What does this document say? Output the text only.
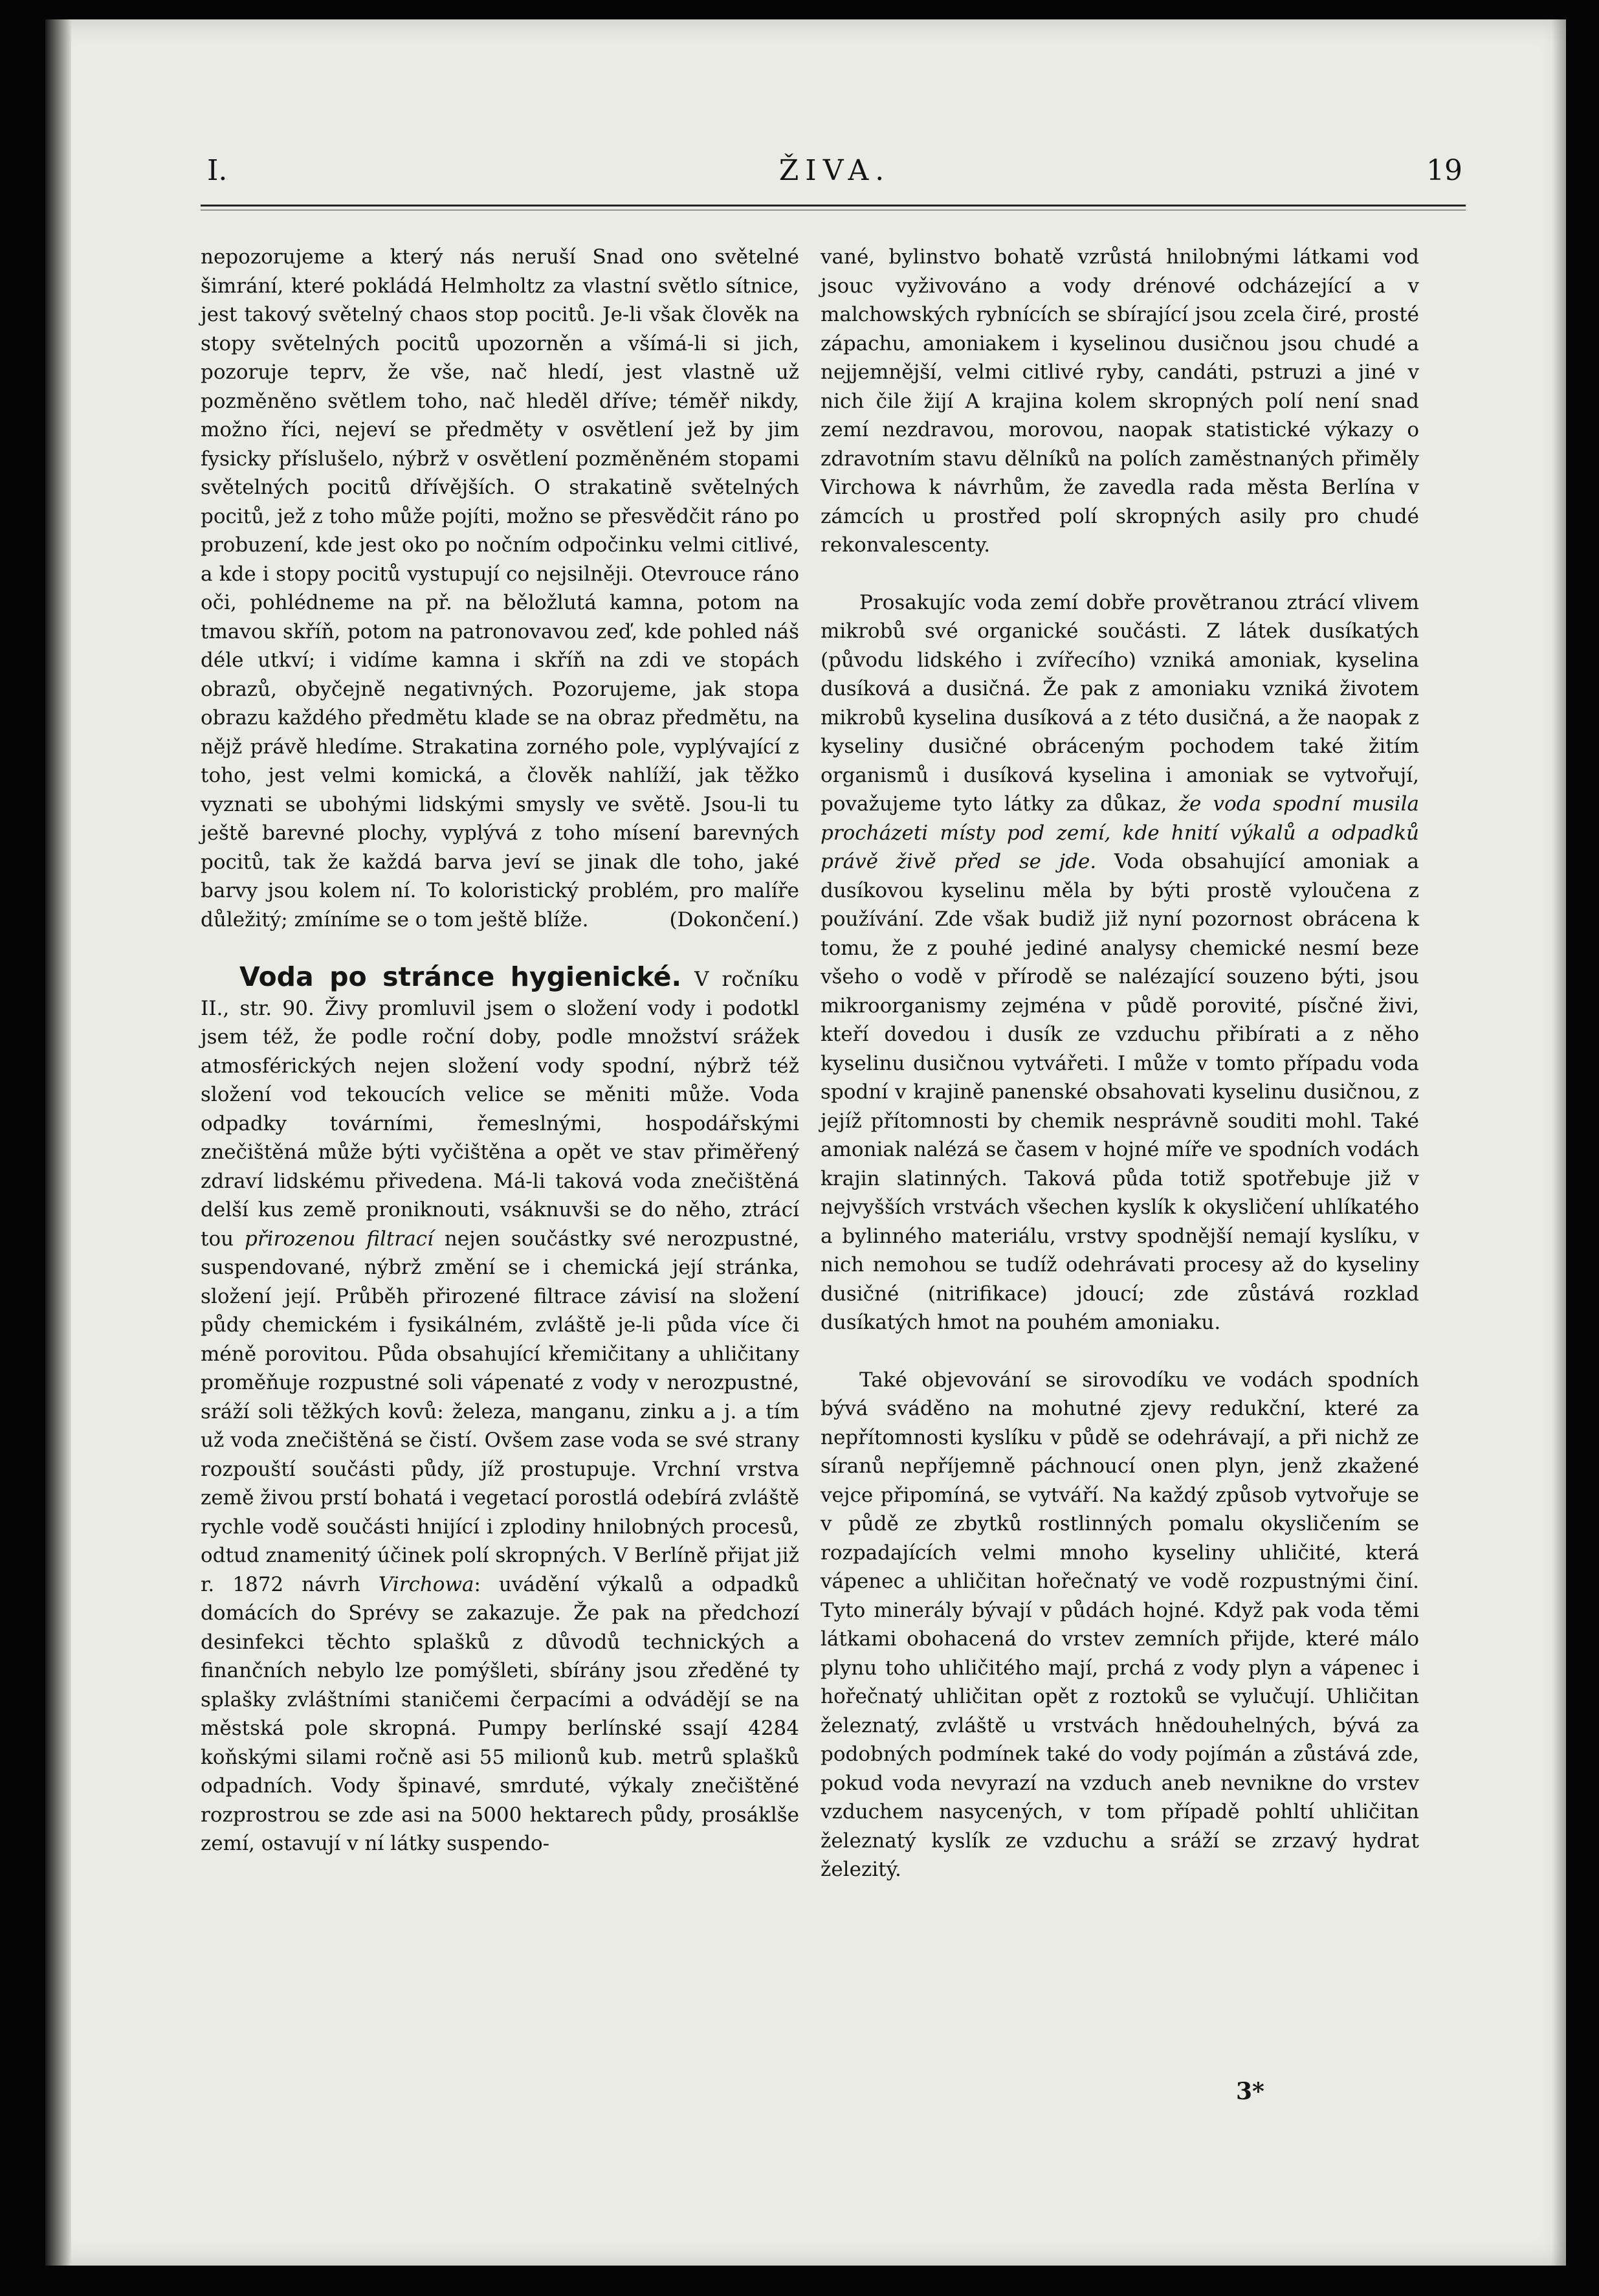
I.	ŽIVA.	19

nepozorujeme a který nás neruší Snad ono světelné šimrání, které pokládá Helmholtz za vlastní světlo sítnice, jest takový světelný chaos stop pocitů. Je-li však člověk na stopy světelných pocitů upozorněn a všímá-li si jich, pozoruje teprv, že vše, nač hledí, jest vlastně už pozměněno světlem toho, nač hleděl dříve; téměř nikdy, možno říci, nejeví se předměty v osvětlení jež by jim fysicky příslušelo, nýbrž v osvětlení pozměněném stopami světelných pocitů dřívějších. O strakatině světelných pocitů, jež z toho může pojíti, možno se přesvědčit ráno po probuzení, kde jest oko po nočním odpočinku velmi citlivé, a kde i stopy pocitů vystupují co nejsilněji. Otevrouce ráno oči, pohlédneme na př. na běložlutá kamna, potom na tmavou skříň, potom na patronovavou zeď, kde pohled náš déle utkví; i vidíme kamna i skříň na zdi ve stopách obrazů, obyčejně negativných. Pozorujeme, jak stopa obrazu každého předmětu klade se na obraz předmětu, na nějž právě hledíme. Strakatina zorného pole, vyplývající z toho, jest velmi komická, a člověk nahlíží, jak těžko vyznati se ubohými lidskými smysly ve světě. Jsou-li tu ještě barevné plochy, vyplývá z toho mísení barevných pocitů, tak že každá barva jeví se jinak dle toho, jaké barvy jsou kolem ní. To koloristický problém, pro malíře důležitý; zmíníme se o tom ještě blíže.	(Dokončení.)

Voda po stránce hygienické. V ročníku II., str. 90. Živy promluvil jsem o složení vody i podotkl jsem též, že podle roční doby, podle množství srážek atmosférických nejen složení vody spodní, nýbrž též složení vod tekoucích velice se měniti může. Voda odpadky továrními, řemeslnými, hospodářskými znečištěná může býti vyčištěna a opět ve stav přiměřený zdraví lidskému přivedena. Má-li taková voda znečištěná delší kus země proniknouti, vsáknuvši se do něho, ztrácí tou přirozenou filtrací nejen součástky své nerozpustné, suspendované, nýbrž změní se i chemická její stránka, složení její. Průběh přirozené filtrace závisí na složení půdy chemickém i fysikálném, zvláště je-li půda více či méně porovitou. Půda obsahující křemičitany a uhličitany proměňuje rozpustné soli vápenaté z vody v nerozpustné, sráží soli těžkých kovů: železa, manganu, zinku a j. a tím už voda znečištěná se čistí. Ovšem zase voda se své strany rozpouští součásti půdy, jíž prostupuje. Vrchní vrstva země živou prstí bohatá i vegetací porostlá odebírá zvláště rychle vodě součásti hnijící i zplodiny hnilobných procesů, odtud znamenitý účinek polí skropných. V Berlíně přijat již r. 1872 návrh Virchowa: uvádění výkalů a odpadků domácích do Sprévy se zakazuje. Že pak na předchozí desinfekci těchto splašků z důvodů technických a finančních nebylo lze pomýšleti, sbírány jsou zředěné ty splašky zvláštními staničemi čerpacími a odvádějí se na městská pole skropná. Pumpy berlínské ssají 4284 koňskými silami ročně asi 55 milionů kub. metrů splašků odpadních. Vody špinavé, smrduté, výkaly znečištěné rozprostrou se zde asi na 5000 hektarech půdy, prosáklše zemí, ostavují v ní látky suspendo-

vané, bylinstvo bohatě vzrůstá hnilobnými látkami vod jsouc vyživováno a vody drénové odcházející a v malchowských rybnících se sbírající jsou zcela čiré, prosté zápachu, amoniakem i kyselinou dusičnou jsou chudé a nejjemnější, velmi citlivé ryby, candáti, pstruzi a jiné v nich čile žijí A krajina kolem skropných polí není snad zemí nezdravou, morovou, naopak statistické výkazy o zdravotním stavu dělníků na polích zaměstnaných přiměly Virchowa k návrhům, že zavedla rada města Berlína v zámcích u prostřed polí skropných asily pro chudé rekonvalescenty.

Prosakujíc voda zemí dobře provětranou ztrácí vlivem mikrobů své organické součásti. Z látek dusíkatých (původu lidského i zvířecího) vzniká amoniak, kyselina dusíková a dusičná. Že pak z amoniaku vzniká životem mikrobů kyselina dusíková a z této dusičná, a že naopak z kyseliny dusičné obráceným pochodem také žitím organismů i dusíková kyselina i amoniak se vytvořují, považujeme tyto látky za důkaz, že voda spodní musila procházeti místy pod zemí, kde hnití výkalů a odpadků právě živě před se jde. Voda obsahující amoniak a dusíkovou kyselinu měla by býti prostě vyloučena z používání. Zde však budiž již nyní pozornost obrácena k tomu, že z pouhé jediné analysy chemické nesmí beze všeho o vodě v přírodě se nalézající souzeno býti, jsou mikroorganismy zejména v půdě porovité, písčné živi, kteří dovedou i dusík ze vzduchu přibírati a z něho kyselinu dusičnou vytvářeti. I může v tomto případu voda spodní v krajině panenské obsahovati kyselinu dusičnou, z jejíž přítomnosti by chemik nesprávně souditi mohl. Také amoniak nalézá se časem v hojné míře ve spodních vodách krajin slatinných. Taková půda totiž spotřebuje již v nejvyšších vrstvách všechen kyslík k okysličení uhlíkatého a bylinného materiálu, vrstvy spodnější nemají kyslíku, v nich nemohou se tudíž odehrávati procesy až do kyseliny dusičné (nitrifikace) jdoucí; zde zůstává rozklad dusíkatých hmot na pouhém amoniaku.

Také objevování se sirovodíku ve vodách spodních bývá sváděno na mohutné zjevy redukční, které za nepřítomnosti kyslíku v půdě se odehrávají, a při nichž ze síranů nepříjemně páchnoucí onen plyn, jenž zkažené vejce připomíná, se vytváří. Na každý způsob vytvořuje se v půdě ze zbytků rostlinných pomalu okysličením se rozpadajících velmi mnoho kyseliny uhličité, která vápenec a uhličitan hořečnatý ve vodě rozpustnými činí. Tyto minerály bývají v půdách hojné. Když pak voda těmi látkami obohacená do vrstev zemních přijde, které málo plynu toho uhličitého mají, prchá z vody plyn a vápenec i hořečnatý uhličitan opět z roztoků se vylučují. Uhličitan železnatý, zvláště u vrstvách hnědouhelných, bývá za podobných podmínek také do vody pojímán a zůstává zde, pokud voda nevyrazí na vzduch aneb nevnikne do vrstev vzduchem nasycených, v tom případě pohltí uhličitan železnatý kyslík ze vzduchu a sráží se zrzavý hydrat železitý.

3*
